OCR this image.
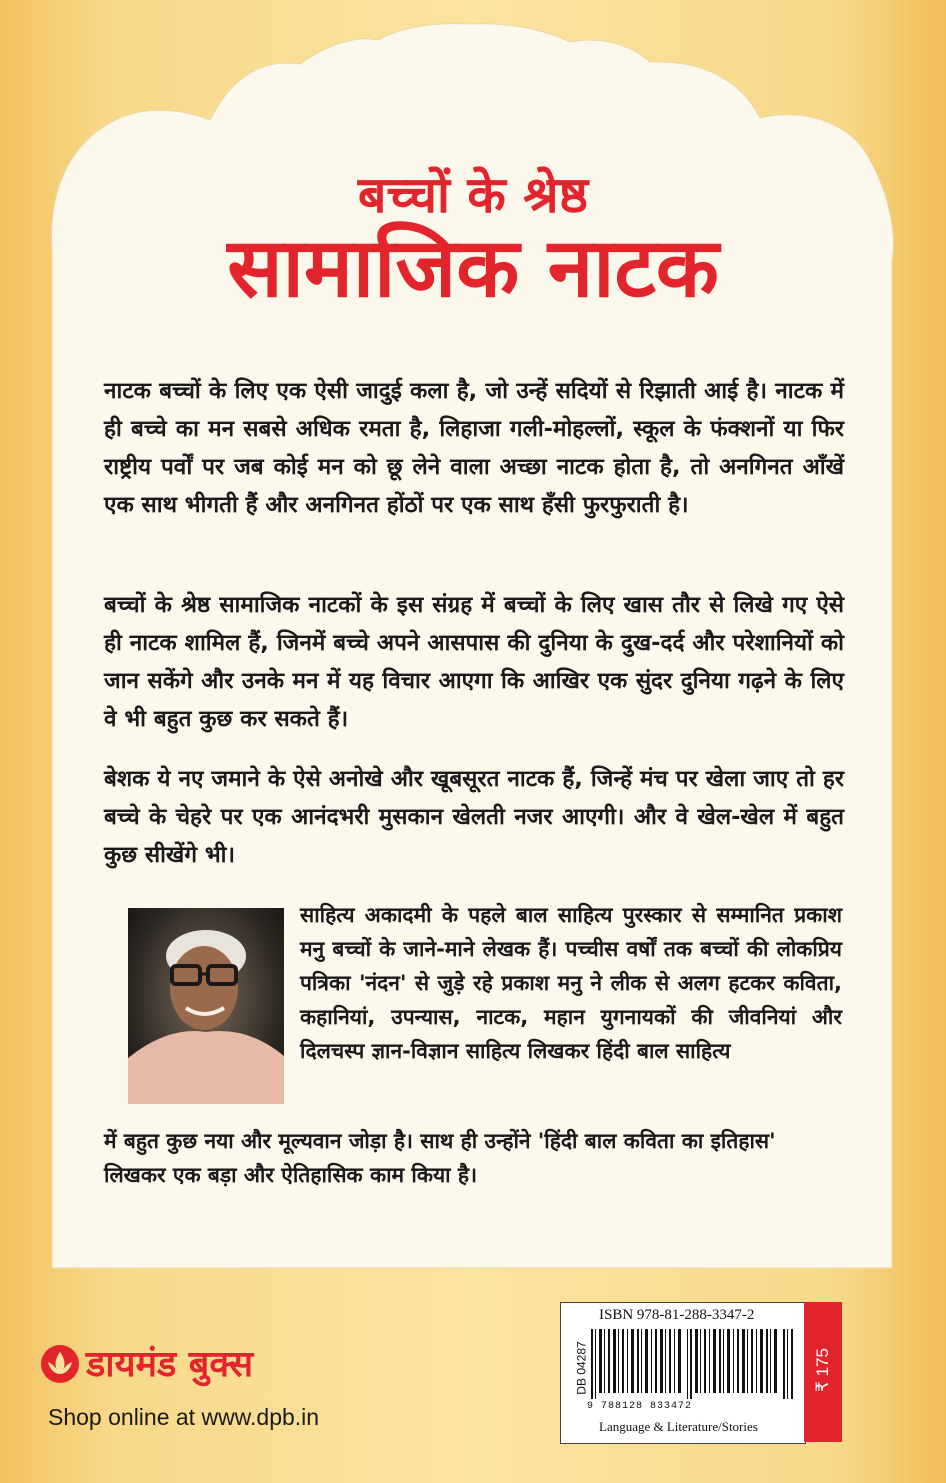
बच्चों के श्रेष्ठ
सामाजिक नाटक

नाटक बच्चों के लिए एक ऐसी जादुई कला है, जो उन्हें सदियों से रिझाती आई है। नाटक में ही बच्चे का मन सबसे अधिक रमता है, लिहाजा गली-मोहल्लों, स्कूल के फंक्शनों या फिर राष्ट्रीय पर्वों पर जब कोई मन को छू लेने वाला अच्छा नाटक होता है, तो अनगिनत आँखें एक साथ भीगती हैं और अनगिनत होंठों पर एक साथ हँसी फुरफुराती है।

बच्चों के श्रेष्ठ सामाजिक नाटकों के इस संग्रह में बच्चों के लिए खास तौर से लिखे गए ऐसे ही नाटक शामिल हैं, जिनमें बच्चे अपने आसपास की दुनिया के दुख-दर्द और परेशानियों को जान सकेंगे और उनके मन में यह विचार आएगा कि आखिर एक सुंदर दुनिया गढ़ने के लिए वे भी बहुत कुछ कर सकते हैं।

बेशक ये नए जमाने के ऐसे अनोखे और खूबसूरत नाटक हैं, जिन्हें मंच पर खेला जाए तो हर बच्चे के चेहरे पर एक आनंदभरी मुसकान खेलती नजर आएगी। और वे खेल-खेल में बहुत कुछ सीखेंगे भी।

साहित्य अकादमी के पहले बाल साहित्य पुरस्कार से सम्मानित प्रकाश मनु बच्चों के जाने-माने लेखक हैं। पच्चीस वर्षों तक बच्चों की लोकप्रिय पत्रिका 'नंदन' से जुड़े रहे प्रकाश मनु ने लीक से अलग हटकर कविता, कहानियां, उपन्यास, नाटक, महान युगनायकों की जीवनियां और दिलचस्प ज्ञान-विज्ञान साहित्य लिखकर हिंदी बाल साहित्य

में बहुत कुछ नया और मूल्यवान जोड़ा है। साथ ही उन्होंने 'हिंदी बाल कविता का इतिहास' लिखकर एक बड़ा और ऐतिहासिक काम किया है।

डायमंड बुक्स
Shop online at www.dpb.in
ISBN 978-81-288-3347-2
DB 04287
9 788128 833472
Language & Literature/Stories
₹ 175
